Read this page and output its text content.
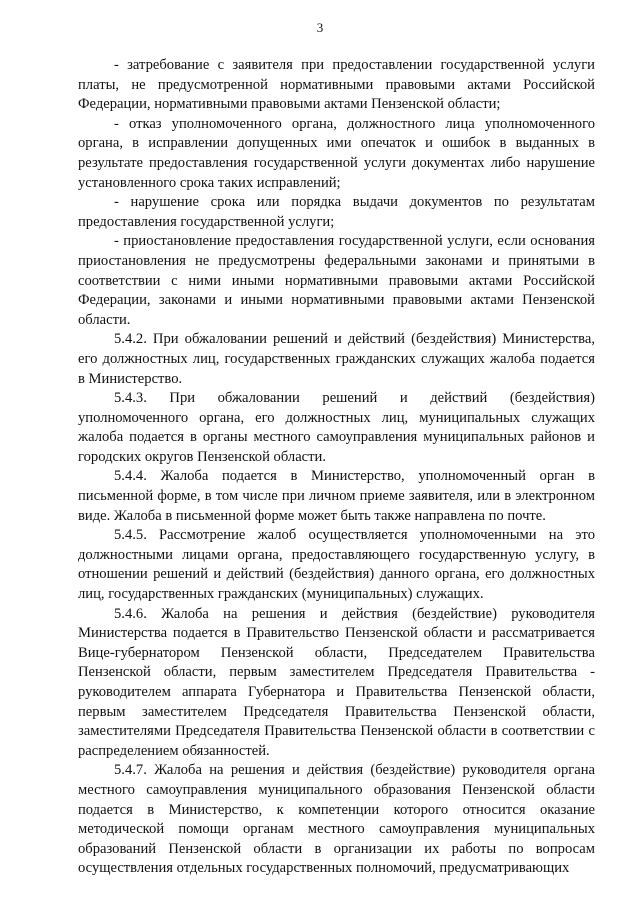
3

- затребование с заявителя при предоставлении государственной услуги платы, не предусмотренной нормативными правовыми актами Российской Федерации, нормативными правовыми актами Пензенской области;

- отказ уполномоченного органа, должностного лица уполномоченного органа, в исправлении допущенных ими опечаток и ошибок в выданных в результате предоставления государственной услуги документах либо нарушение установленного срока таких исправлений;

- нарушение срока или порядка выдачи документов по результатам предоставления государственной услуги;

- приостановление предоставления государственной услуги, если основания приостановления не предусмотрены федеральными законами и принятыми в соответствии с ними иными нормативными правовыми актами Российской Федерации, законами и иными нормативными правовыми актами Пензенской области.

5.4.2. При обжаловании решений и действий (бездействия) Министерства, его должностных лиц, государственных гражданских служащих жалоба подается в Министерство.

5.4.3. При обжаловании решений и действий (бездействия) уполномоченного органа, его должностных лиц, муниципальных служащих жалоба подается в органы местного самоуправления муниципальных районов и городских округов Пензенской области.

5.4.4. Жалоба подается в Министерство, уполномоченный орган в письменной форме, в том числе при личном приеме заявителя, или в электронном виде. Жалоба в письменной форме может быть также направлена по почте.

5.4.5. Рассмотрение жалоб осуществляется уполномоченными на это должностными лицами органа, предоставляющего государственную услугу, в отношении решений и действий (бездействия) данного органа, его должностных лиц, государственных гражданских (муниципальных) служащих.

5.4.6. Жалоба на решения и действия (бездействие) руководителя Министерства подается в Правительство Пензенской области и рассматривается Вице-губернатором Пензенской области, Председателем Правительства Пензенской области, первым заместителем Председателя Правительства - руководителем аппарата Губернатора и Правительства Пензенской области, первым заместителем Председателя Правительства Пензенской области, заместителями Председателя Правительства Пензенской области в соответствии с распределением обязанностей.

5.4.7. Жалоба на решения и действия (бездействие) руководителя органа местного самоуправления муниципального образования Пензенской области подается в Министерство, к компетенции которого относится оказание методической помощи органам местного самоуправления муниципальных образований Пензенской области в организации их работы по вопросам осуществления отдельных государственных полномочий, предусматривающих
